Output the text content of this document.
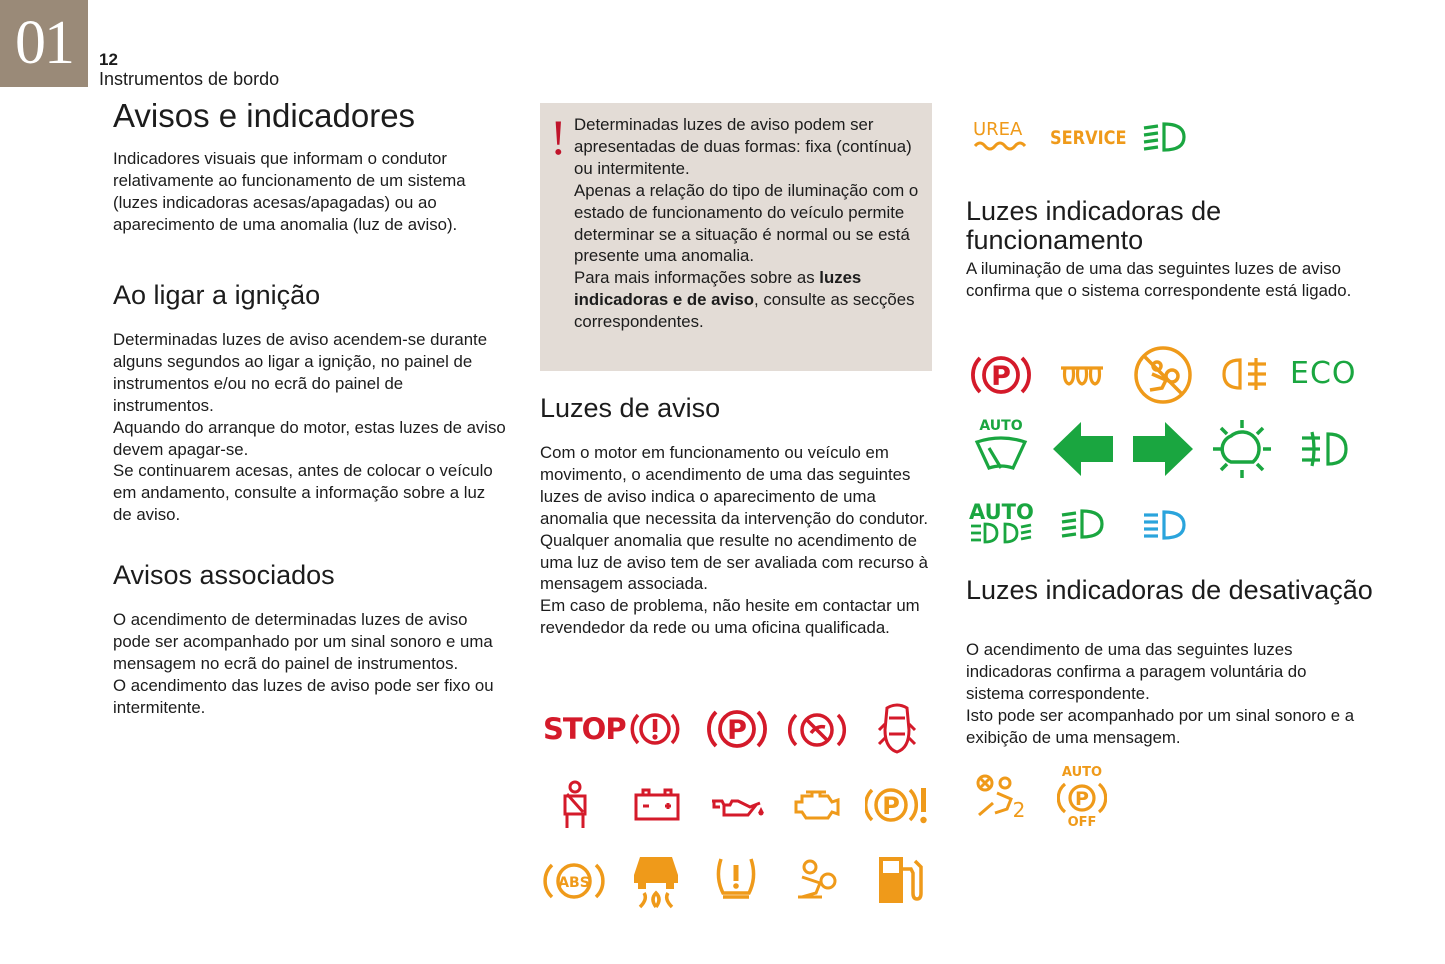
01	12
Instrumentos de bordo
Avisos e indicadores

Indicadores visuais que informam o condutor relativamente ao funcionamento de um sistema (luzes indicadoras acesas/apagadas) ou ao aparecimento de uma anomalia (luz de aviso).

Ao ligar a ignição

Determinadas luzes de aviso acendem-se durante alguns segundos ao ligar a ignição, no painel de instrumentos e/ou no ecrã do painel de instrumentos.

Aquando do arranque do motor, estas luzes de aviso devem apagar-se.

Se continuarem acesas, antes de colocar o veículo em andamento, consulte a informação sobre a luz de aviso.

Avisos associados

O acendimento de determinadas luzes de aviso pode ser acompanhado por um sinal sonoro e uma mensagem no ecrã do painel de instrumentos.

O acendimento das luzes de aviso pode ser fixo ou intermitente.

! Determinadas luzes de aviso podem ser apresentadas de duas formas: fixa (contínua) ou intermitente.

Apenas a relação do tipo de iluminação com o estado de funcionamento do veículo permite determinar se a situação é normal ou se está presente uma anomalia.

Para mais informações sobre as luzes indicadoras e de aviso, consulte as secções correspondentes.

Luzes de aviso

Com o motor em funcionamento ou veículo em movimento, o acendimento de uma das seguintes luzes de aviso indica o aparecimento de uma anomalia que necessita da intervenção do condutor.

Qualquer anomalia que resulte no acendimento de uma luz de aviso tem de ser avaliada com recurso à mensagem associada.

Em caso de problema, não hesite em contactar um revendedor da rede ou uma oficina qualificada.

STOP	P
P
ABS
UREA SERVICE
Luzes indicadoras de funcionamento

A iluminação de uma das seguintes luzes de aviso confirma que o sistema correspondente está ligado.

P	ECO
AUTO
AUTO
Luzes indicadoras de desativação

O acendimento de uma das seguintes luzes indicadoras confirma a paragem voluntária do sistema correspondente.

Isto pode ser acompanhado por um sinal sonoro e a exibição de uma mensagem.

2
AUTO
P
OFF
